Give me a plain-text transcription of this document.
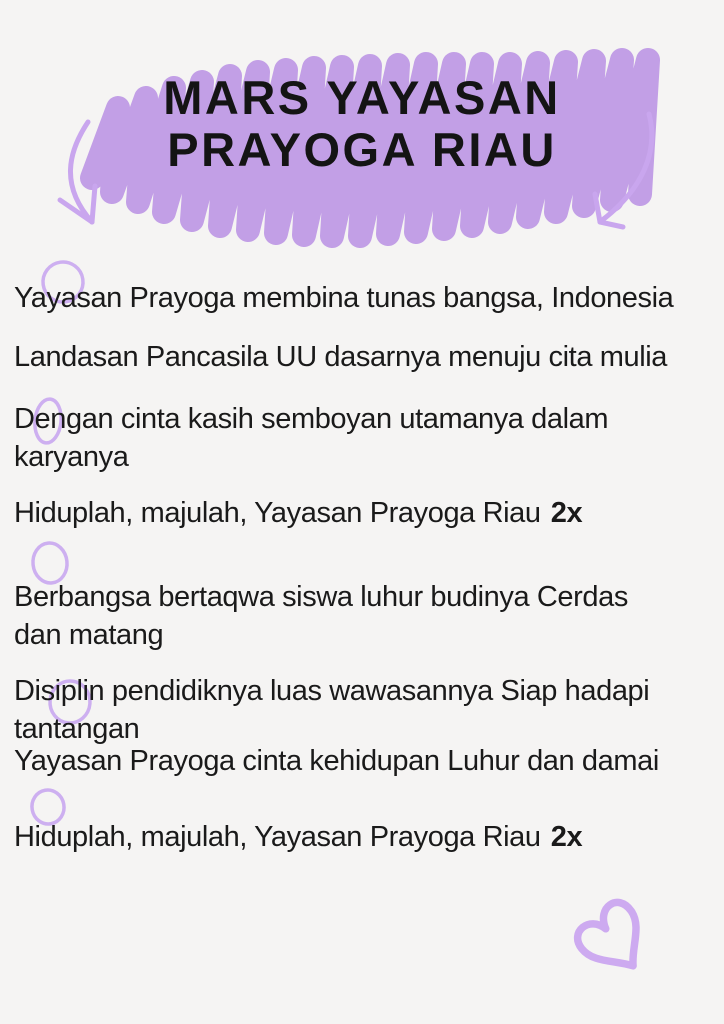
MARS YAYASAN
PRAYOGA RIAU

Yayasan Prayoga membina tunas bangsa, Indonesia

Landasan Pancasila UU dasarnya menuju cita mulia

Dengan cinta kasih semboyan utamanya dalam
karyanya

Hiduplah, majulah, Yayasan Prayoga Riau 2x

Berbangsa bertaqwa siswa luhur budinya Cerdas
dan matang

Disiplin pendidiknya luas wawasannya Siap hadapi
tantangan

Yayasan Prayoga cinta kehidupan Luhur dan damai

Hiduplah, majulah, Yayasan Prayoga Riau 2x
